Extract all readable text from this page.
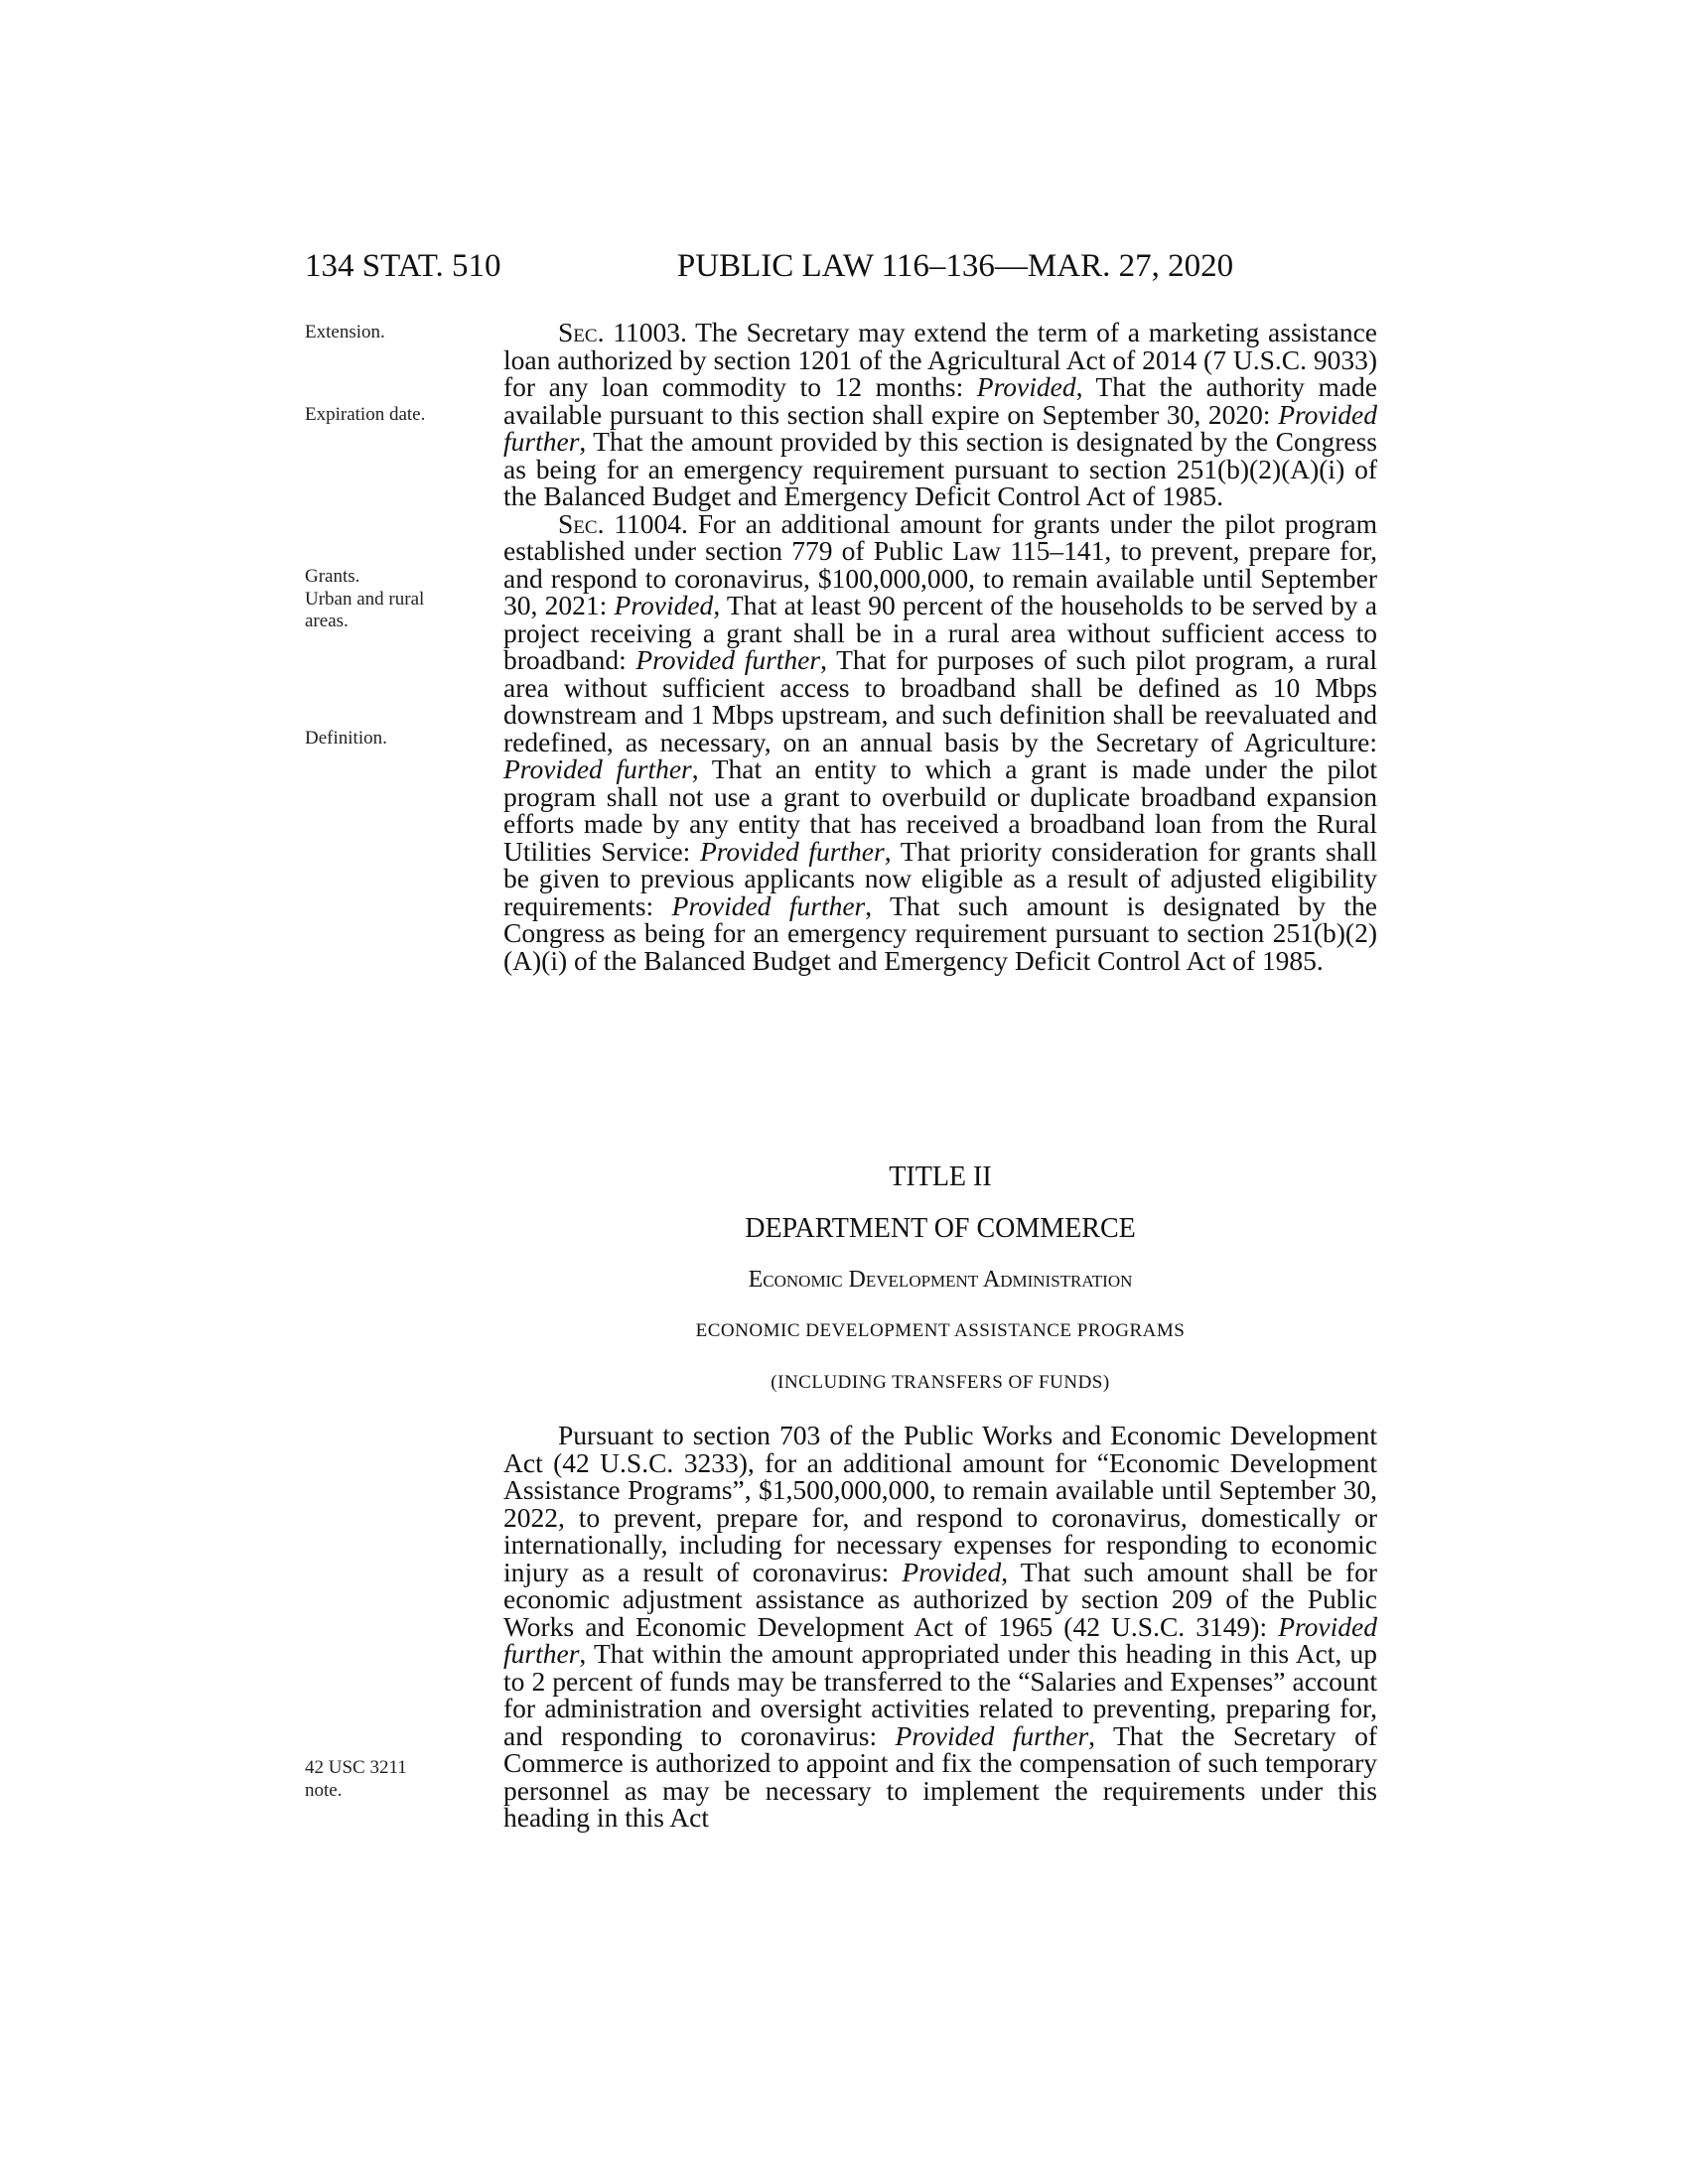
134 STAT. 510	PUBLIC LAW 116–136—MAR. 27, 2020
Extension.
Expiration date.
Grants.
Urban and rural areas.
Definition.
42 USC 3211
note.

Sec. 11003. The Secretary may extend the term of a marketing assistance loan authorized by section 1201 of the Agricultural Act of 2014 (7 U.S.C. 9033) for any loan commodity to 12 months: Provided, That the authority made available pursuant to this section shall expire on September 30, 2020: Provided further, That the amount provided by this section is designated by the Congress as being for an emergency requirement pursuant to section 251(b)(2)(A)(i) of the Balanced Budget and Emergency Deficit Control Act of 1985.

Sec. 11004. For an additional amount for grants under the pilot program established under section 779 of Public Law 115–141, to prevent, prepare for, and respond to coronavirus, $100,000,000, to remain available until September 30, 2021: Provided, That at least 90 percent of the households to be served by a project receiving a grant shall be in a rural area without sufficient access to broadband: Provided further, That for purposes of such pilot program, a rural area without sufficient access to broadband shall be defined as 10 Mbps downstream and 1 Mbps upstream, and such definition shall be reevaluated and redefined, as necessary, on an annual basis by the Secretary of Agriculture: Provided further, That an entity to which a grant is made under the pilot program shall not use a grant to overbuild or duplicate broadband expansion efforts made by any entity that has received a broadband loan from the Rural Utilities Service: Provided further, That priority consideration for grants shall be given to previous applicants now eligible as a result of adjusted eligibility requirements: Provided further, That such amount is designated by the Congress as being for an emergency requirement pursuant to section 251(b)(2)(A)(i) of the Balanced Budget and Emergency Deficit Control Act of 1985.

TITLE II

DEPARTMENT OF COMMERCE

Economic Development Administration

ECONOMIC DEVELOPMENT ASSISTANCE PROGRAMS

(INCLUDING TRANSFERS OF FUNDS)

Pursuant to section 703 of the Public Works and Economic Development Act (42 U.S.C. 3233), for an additional amount for “Economic Development Assistance Programs”, $1,500,000,000, to remain available until September 30, 2022, to prevent, prepare for, and respond to coronavirus, domestically or internationally, including for necessary expenses for responding to economic injury as a result of coronavirus: Provided, That such amount shall be for economic adjustment assistance as authorized by section 209 of the Public Works and Economic Development Act of 1965 (42 U.S.C. 3149): Provided further, That within the amount appropriated under this heading in this Act, up to 2 percent of funds may be transferred to the “Salaries and Expenses” account for administration and oversight activities related to preventing, preparing for, and responding to coronavirus: Provided further, That the Secretary of Commerce is authorized to appoint and fix the compensation of such temporary personnel as may be necessary to implement the requirements under this heading in this Act
